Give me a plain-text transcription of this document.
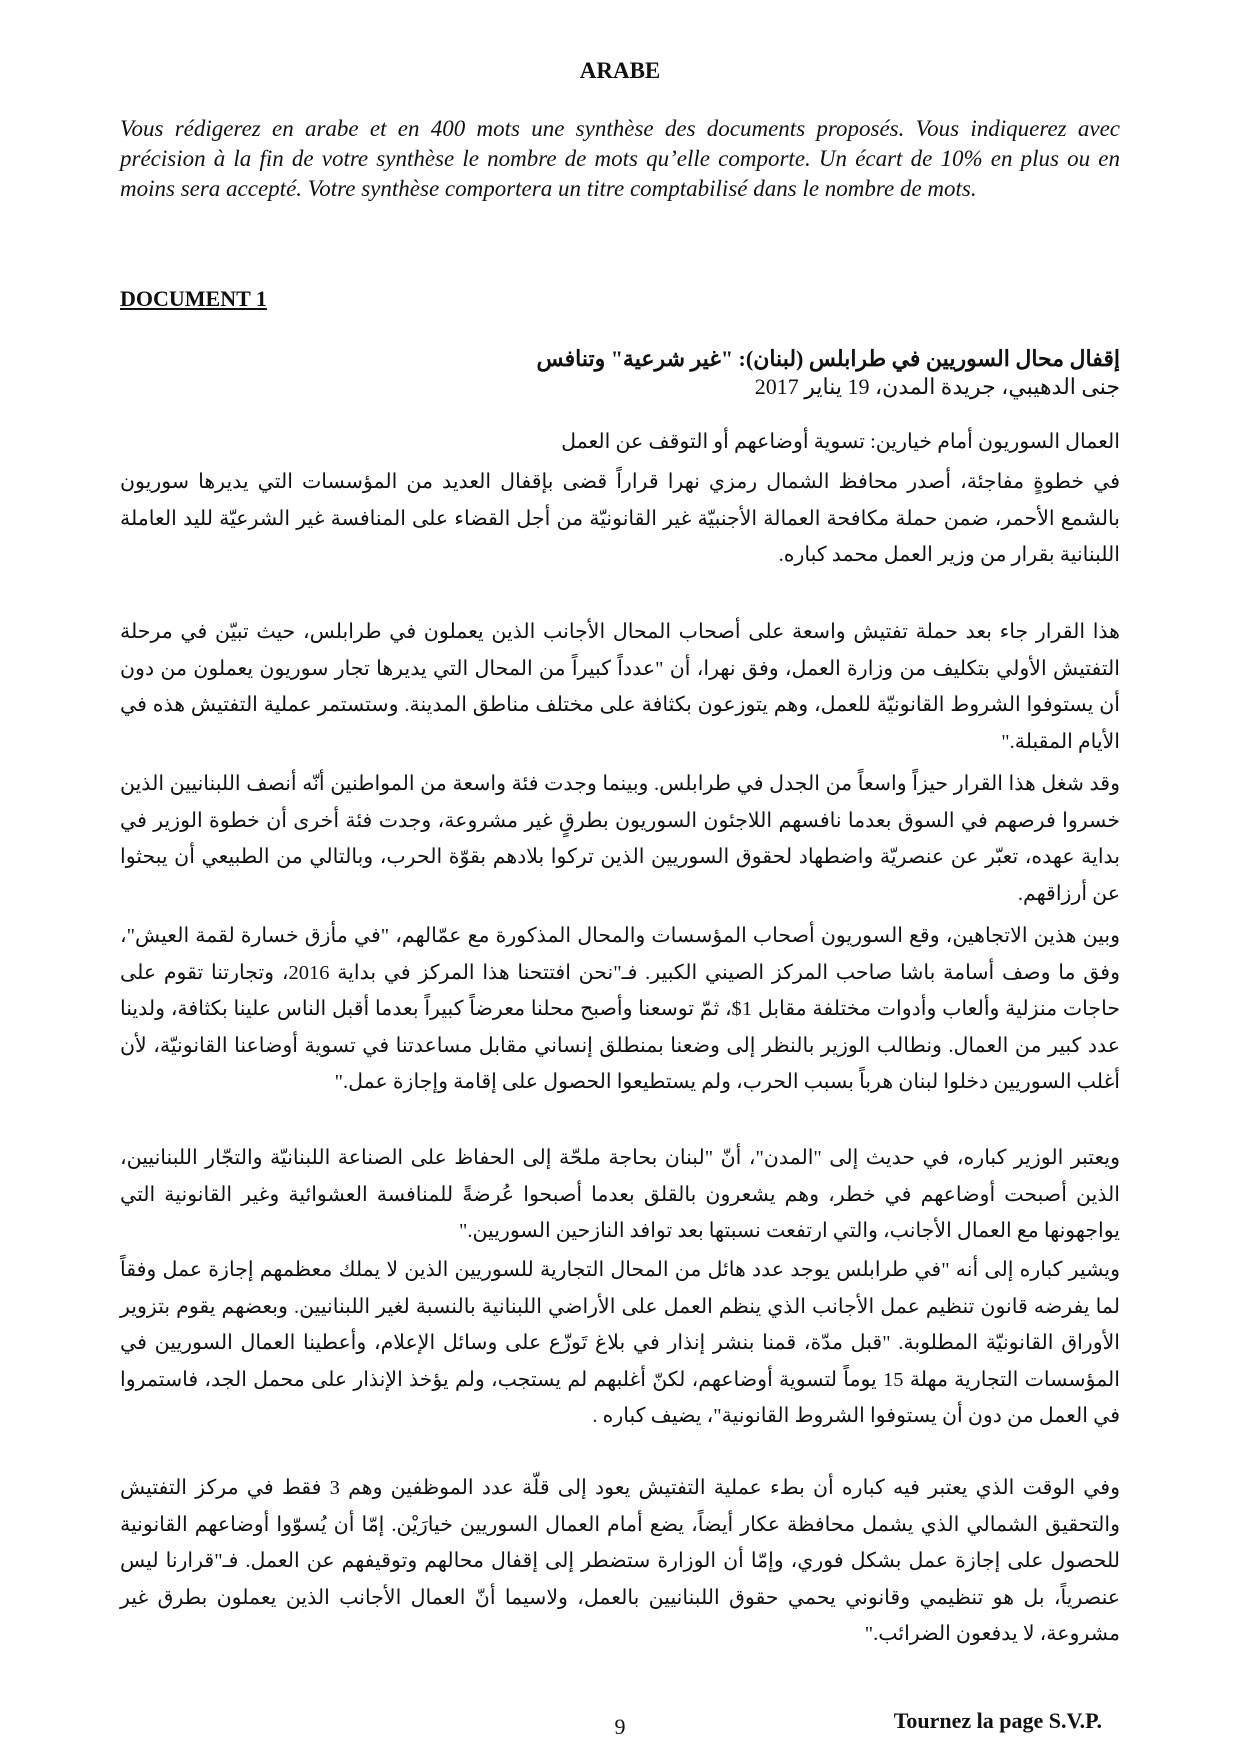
ARABE
Vous rédigerez en arabe et en 400 mots une synthèse des documents proposés. Vous indiquerez avec précision à la fin de votre synthèse le nombre de mots qu’elle comporte. Un écart de 10% en plus ou en moins sera accepté. Votre synthèse comportera un titre comptabilisé dans le nombre de mots.
DOCUMENT 1
إقفال محال السوريين في طرابلس (لبنان): "غير شرعية" وتنافس
جنى الدهيبي، جريدة المدن، 19 يناير 2017
العمال السوريون أمام خيارين: تسوية أوضاعهم أو التوقف عن العمل
في خطوةٍ مفاجئة، أصدر محافظ الشمال رمزي نهرا قراراً قضى بإقفال العديد من المؤسسات التي يديرها سوريون بالشمع الأحمر، ضمن حملة مكافحة العمالة الأجنبيّة غير القانونيّة من أجل القضاء على المنافسة غير الشرعيّة لليد العاملة اللبنانية بقرار من وزير العمل محمد كباره.
هذا القرار جاء بعد حملة تفتيش واسعة على أصحاب المحال الأجانب الذين يعملون في طرابلس، حيث تبيّن في مرحلة التفتيش الأولي بتكليف من وزارة العمل، وفق نهرا، أن "عدداً كبيراً من المحال التي يديرها تجار سوريون يعملون من دون أن يستوفوا الشروط القانونيّة للعمل، وهم يتوزعون بكثافة على مختلف مناطق المدينة. وستستمر عملية التفتيش هذه في الأيام المقبلة."
وقد شغل هذا القرار حيزاً واسعاً من الجدل في طرابلس. وبينما وجدت فئة واسعة من المواطنين أنّه أنصف اللبنانيين الذين خسروا فرصهم في السوق بعدما نافسهم اللاجئون السوريون بطرقٍ غير مشروعة، وجدت فئة أخرى أن خطوة الوزير في بداية عهده، تعبّر عن عنصريّة واضطهاد لحقوق السوريين الذين تركوا بلادهم بقوّة الحرب، وبالتالي من الطبيعي أن يبحثوا عن أرزاقهم.
وبين هذين الاتجاهين، وقع السوريون أصحاب المؤسسات والمحال المذكورة مع عمّالهم، "في مأزق خسارة لقمة العيش"، وفق ما وصف أسامة باشا صاحب المركز الصيني الكبير. فـ"نحن افتتحنا هذا المركز في بداية 2016، وتجارتنا تقوم على حاجات منزلية وألعاب وأدوات مختلفة مقابل 1$، ثمّ توسعنا وأصبح محلنا معرضاً كبيراً بعدما أقبل الناس علينا بكثافة، ولدينا عدد كبير من العمال. ونطالب الوزير بالنظر إلى وضعنا بمنطلق إنساني مقابل مساعدتنا في تسوية أوضاعنا القانونيّة، لأن أغلب السوريين دخلوا لبنان هرباً بسبب الحرب، ولم يستطيعوا الحصول على إقامة وإجازة عمل."
ويعتبر الوزير كباره، في حديث إلى "المدن"، أنّ "لبنان بحاجة ملحّة إلى الحفاظ على الصناعة اللبنانيّة والتجّار اللبنانيين، الذين أصبحت أوضاعهم في خطر، وهم يشعرون بالقلق بعدما أصبحوا عُرضةً للمنافسة العشوائية وغير القانونية التي يواجهونها مع العمال الأجانب، والتي ارتفعت نسبتها بعد توافد النازحين السوريين."
ويشير كباره إلى أنه "في طرابلس يوجد عدد هائل من المحال التجارية للسوريين الذين لا يملك معظمهم إجازة عمل وفقاً لما يفرضه قانون تنظيم عمل الأجانب الذي ينظم العمل على الأراضي اللبنانية بالنسبة لغير اللبنانيين. وبعضهم يقوم بتزوير الأوراق القانونيّة المطلوبة. "قبل مدّة، قمنا بنشر إنذار في بلاغ تَوزّع على وسائل الإعلام، وأعطينا العمال السوريين في المؤسسات التجارية مهلة 15 يوماً لتسوية أوضاعهم، لكنّ أغلبهم لم يستجب، ولم يؤخذ الإنذار على محمل الجد، فاستمروا في العمل من دون أن يستوفوا الشروط القانونية"، يضيف كباره .
وفي الوقت الذي يعتبر فيه كباره أن بطء عملية التفتيش يعود إلى قلّة عدد الموظفين وهم 3 فقط في مركز التفتيش والتحقيق الشمالي الذي يشمل محافظة عكار أيضاً، يضع أمام العمال السوريين خيارَيْن. إمّا أن يُسوّوا أوضاعهم القانونية للحصول على إجازة عمل بشكل فوري، وإمّا أن الوزارة ستضطر إلى إقفال محالهم وتوقيفهم عن العمل. فـ"قرارنا ليس عنصرياً، بل هو تنظيمي وقانوني يحمي حقوق اللبنانيين بالعمل، ولاسيما أنّ العمال الأجانب الذين يعملون بطرق غير مشروعة، لا يدفعون الضرائب."
9	Tournez la page S.V.P.
